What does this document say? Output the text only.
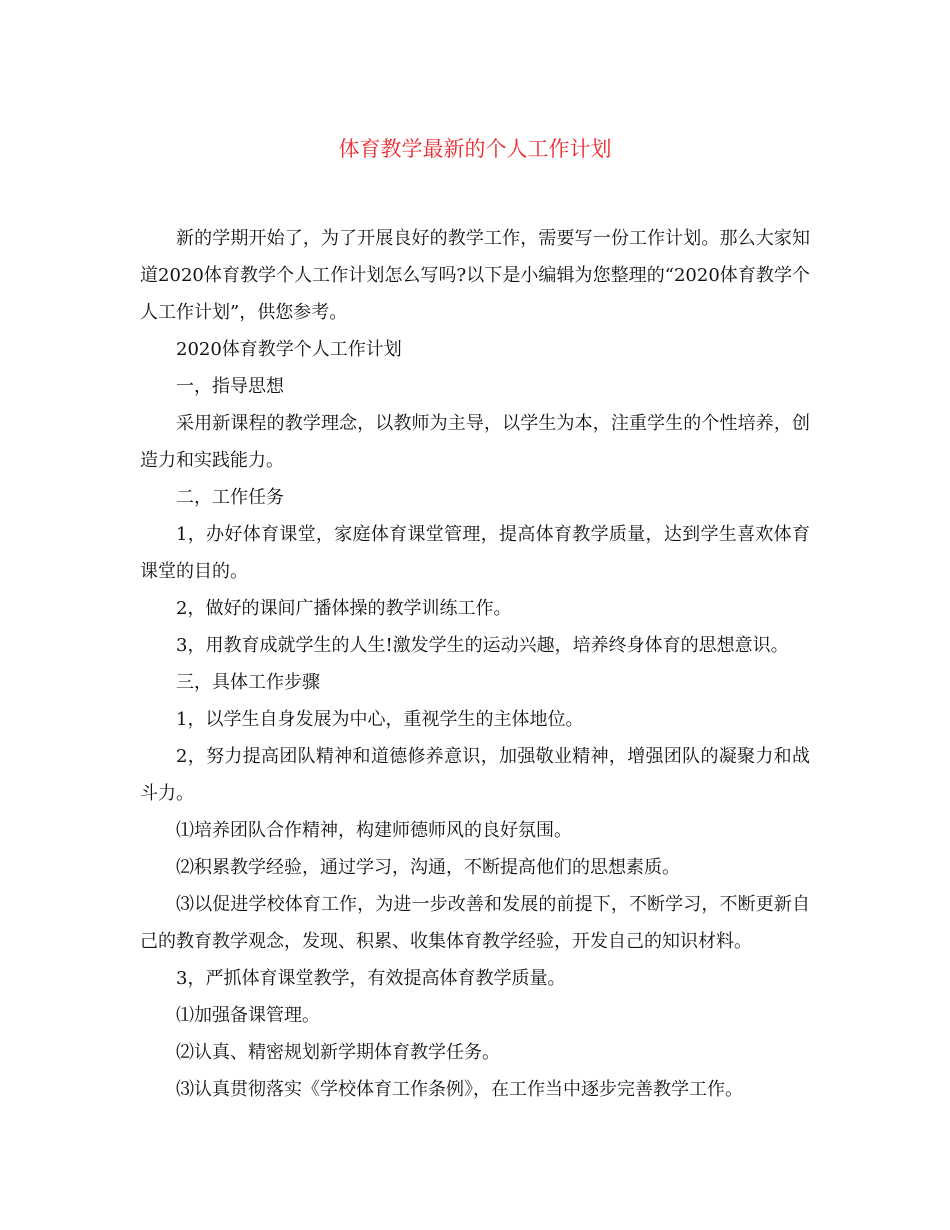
体育教学最新的个人工作计划

新的学期开始了，为了开展良好的教学工作，需要写一份工作计划。那么大家知道2020体育教学个人工作计划怎么写吗?以下是小编辑为您整理的“2020体育教学个人工作计划”，供您参考。

2020体育教学个人工作计划

一，指导思想

采用新课程的教学理念，以教师为主导，以学生为本，注重学生的个性培养，创造力和实践能力。

二，工作任务

1，办好体育课堂，家庭体育课堂管理，提高体育教学质量，达到学生喜欢体育课堂的目的。

2，做好的课间广播体操的教学训练工作。

3，用教育成就学生的人生!激发学生的运动兴趣，培养终身体育的思想意识。

三，具体工作步骤

1，以学生自身发展为中心，重视学生的主体地位。

2，努力提高团队精神和道德修养意识，加强敬业精神，增强团队的凝聚力和战斗力。

⑴培养团队合作精神，构建师德师风的良好氛围。

⑵积累教学经验，通过学习，沟通，不断提高他们的思想素质。

⑶以促进学校体育工作，为进一步改善和发展的前提下，不断学习，不断更新自己的教育教学观念，发现、积累、收集体育教学经验，开发自己的知识材料。

3，严抓体育课堂教学，有效提高体育教学质量。

⑴加强备课管理。

⑵认真、精密规划新学期体育教学任务。

⑶认真贯彻落实《学校体育工作条例》，在工作当中逐步完善教学工作。
